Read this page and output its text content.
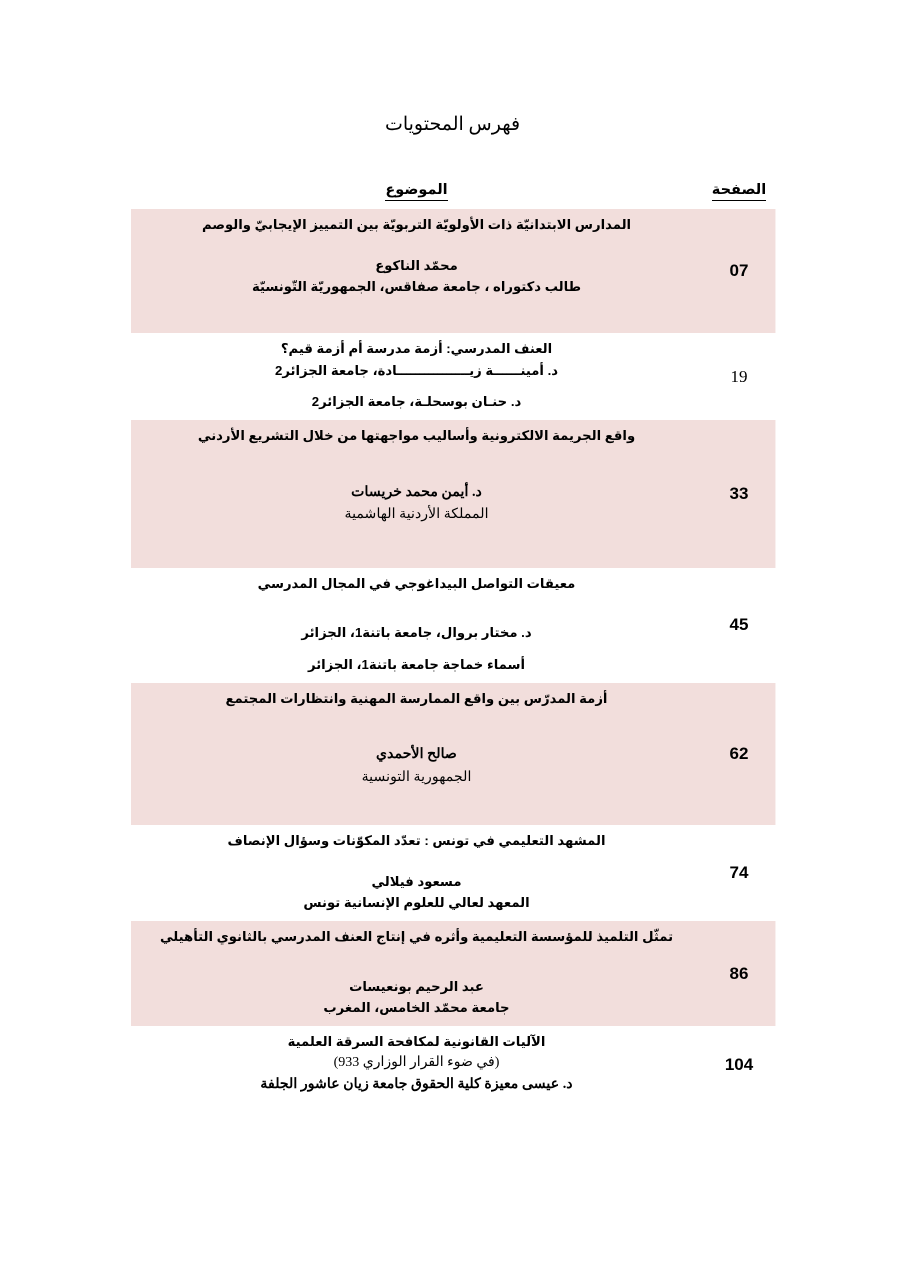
فهرس المحتويات
الصفحة	الموضوع
07	المدارس الابتدانيّة ذات الأولويّة التربويّة بين التمييز الإيجابيّ والوصم

محمّد الناكوع

طالب دكتوراه ، جامعة صفاقس، الجمهوريّة التّونسيّة

19	العنف المدرسي: أزمة مدرسة أم أزمة قيم؟

د. أمينــــــة زيــــــــــــــــادة، جامعة الجزائر2

د. حنـان بوسحلـة، جامعة الجزائر2

33	واقع الجريمة الالكترونية وأساليب مواجهتها من خلال التشريع الأردني

د. أيمن محمد خريسات

المملكة الأردنية الهاشمية

45	معيقات التواصل البيداغوجي في المجال المدرسي

د. مختار بروال، جامعة باتنة1، الجزائر

أسماء خماجة جامعة باتنة1، الجزائر

62	أزمة المدرّس بين واقع الممارسة المهنية وانتظارات المجتمع

صالح الأحمدي

الجمهورية التونسية

74	المشهد التعليمي في تونس : تعدّد المكوّنات وسؤال الإنصاف

مسعود فيلالي

المعهد لعالي للعلوم الإنسانية تونس

86	تمثّل التلميذ للمؤسسة التعليمية وأثره في إنتاج العنف المدرسي بالثانوي التأهيلي

عبد الرحيم بونعيسات

جامعة محمّد الخامس، المغرب

104	الآليات القانونية لمكافحة السرقة العلمية

(في ضوء القرار الوزاري 933)

د. عيسى معيزة كلية الحقوق جامعة زيان عاشور الجلفة
